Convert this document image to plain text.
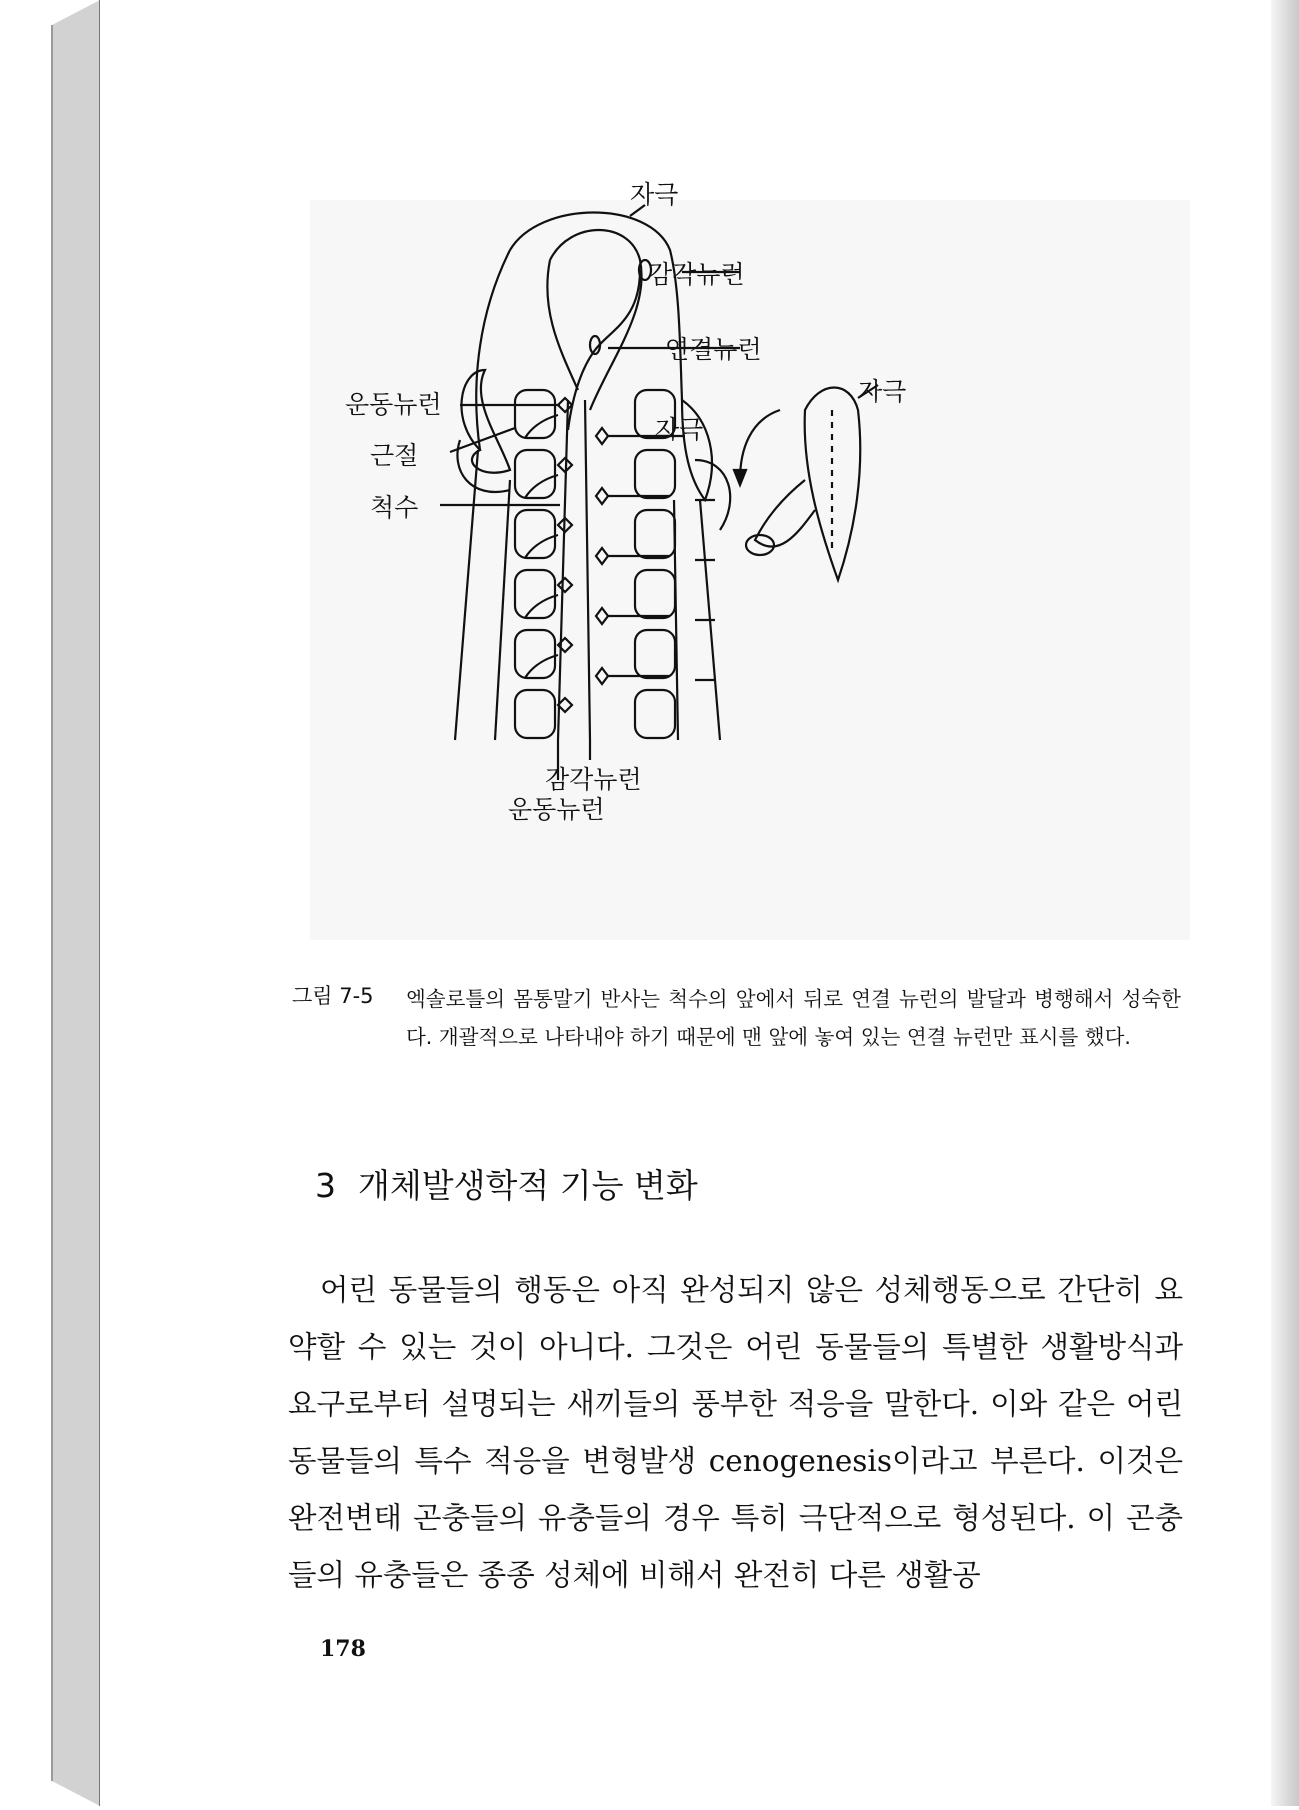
자극
감각뉴런
연결뉴런
운동뉴런
근절
척수
자극
자극
감각뉴런
운동뉴런
그림 7-5 엑솔로틀의 몸통말기 반사는 척수의 앞에서 뒤로 연결 뉴런의 발달과 병행해서 성숙한다. 개괄적으로 나타내야 하기 때문에 맨 앞에 놓여 있는 연결 뉴런만 표시를 했다.
3 개체발생학적 기능 변화

어린 동물들의 행동은 아직 완성되지 않은 성체행동으로 간단히 요약할 수 있는 것이 아니다. 그것은 어린 동물들의 특별한 생활방식과 요구로부터 설명되는 새끼들의 풍부한 적응을 말한다. 이와 같은 어린 동물들의 특수 적응을 변형발생 cenogenesis이라고 부른다. 이것은 완전변태 곤충들의 유충들의 경우 특히 극단적으로 형성된다. 이 곤충들의 유충들은 종종 성체에 비해서 완전히 다른 생활공

178
